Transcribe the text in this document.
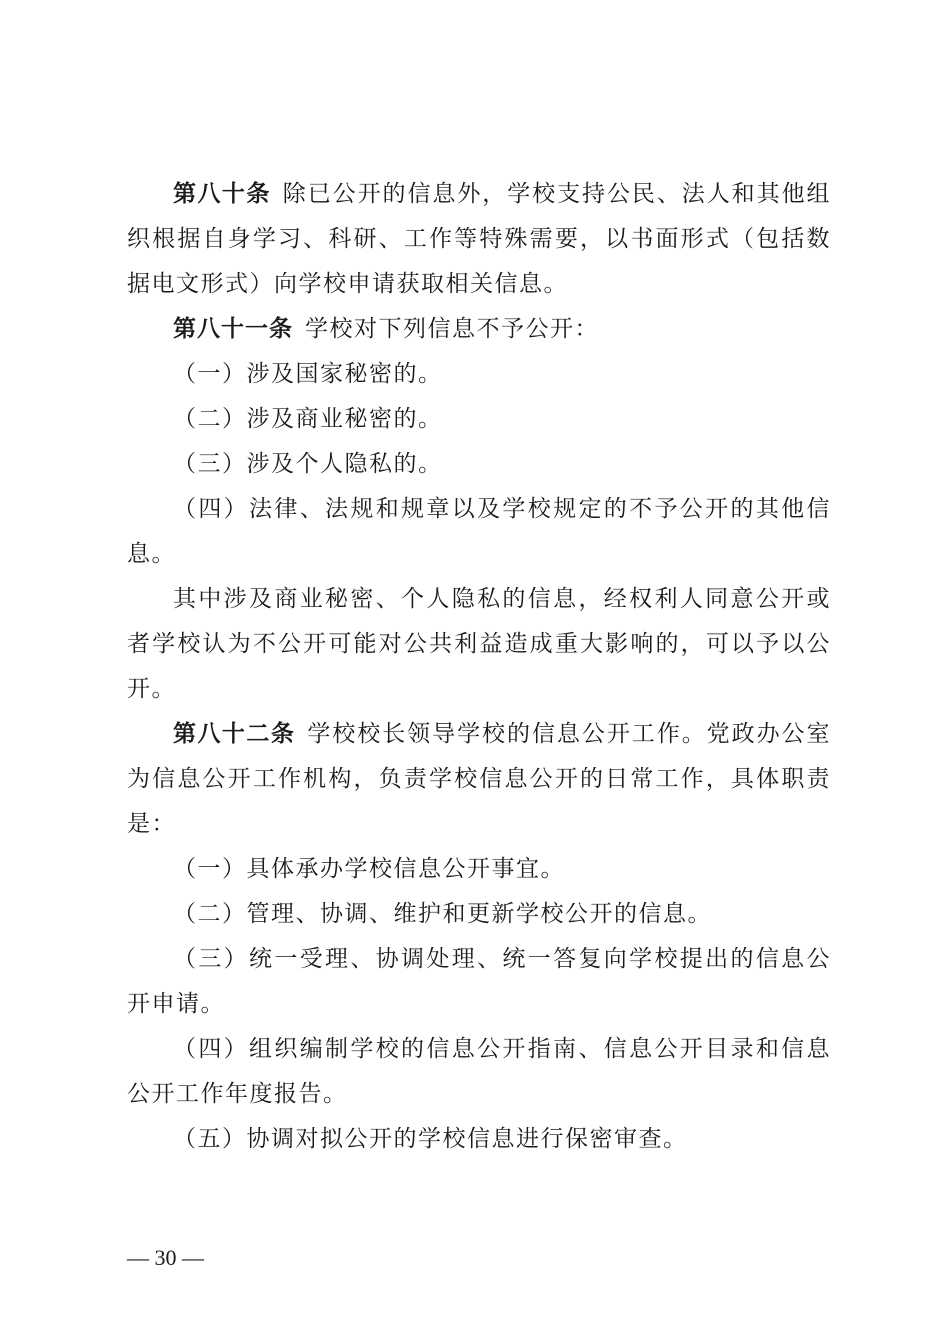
第八十条 除已公开的信息外，学校支持公民、法人和其他组织根据自身学习、科研、工作等特殊需要，以书面形式（包括数据电文形式）向学校申请获取相关信息。

第八十一条 学校对下列信息不予公开：

（一）涉及国家秘密的。

（二）涉及商业秘密的。

（三）涉及个人隐私的。

（四）法律、法规和规章以及学校规定的不予公开的其他信息。

其中涉及商业秘密、个人隐私的信息，经权利人同意公开或者学校认为不公开可能对公共利益造成重大影响的，可以予以公开。

第八十二条 学校校长领导学校的信息公开工作。党政办公室为信息公开工作机构，负责学校信息公开的日常工作，具体职责是：

（一）具体承办学校信息公开事宜。

（二）管理、协调、维护和更新学校公开的信息。

（三）统一受理、协调处理、统一答复向学校提出的信息公开申请。

（四）组织编制学校的信息公开指南、信息公开目录和信息公开工作年度报告。

（五）协调对拟公开的学校信息进行保密审查。

— 30 —
